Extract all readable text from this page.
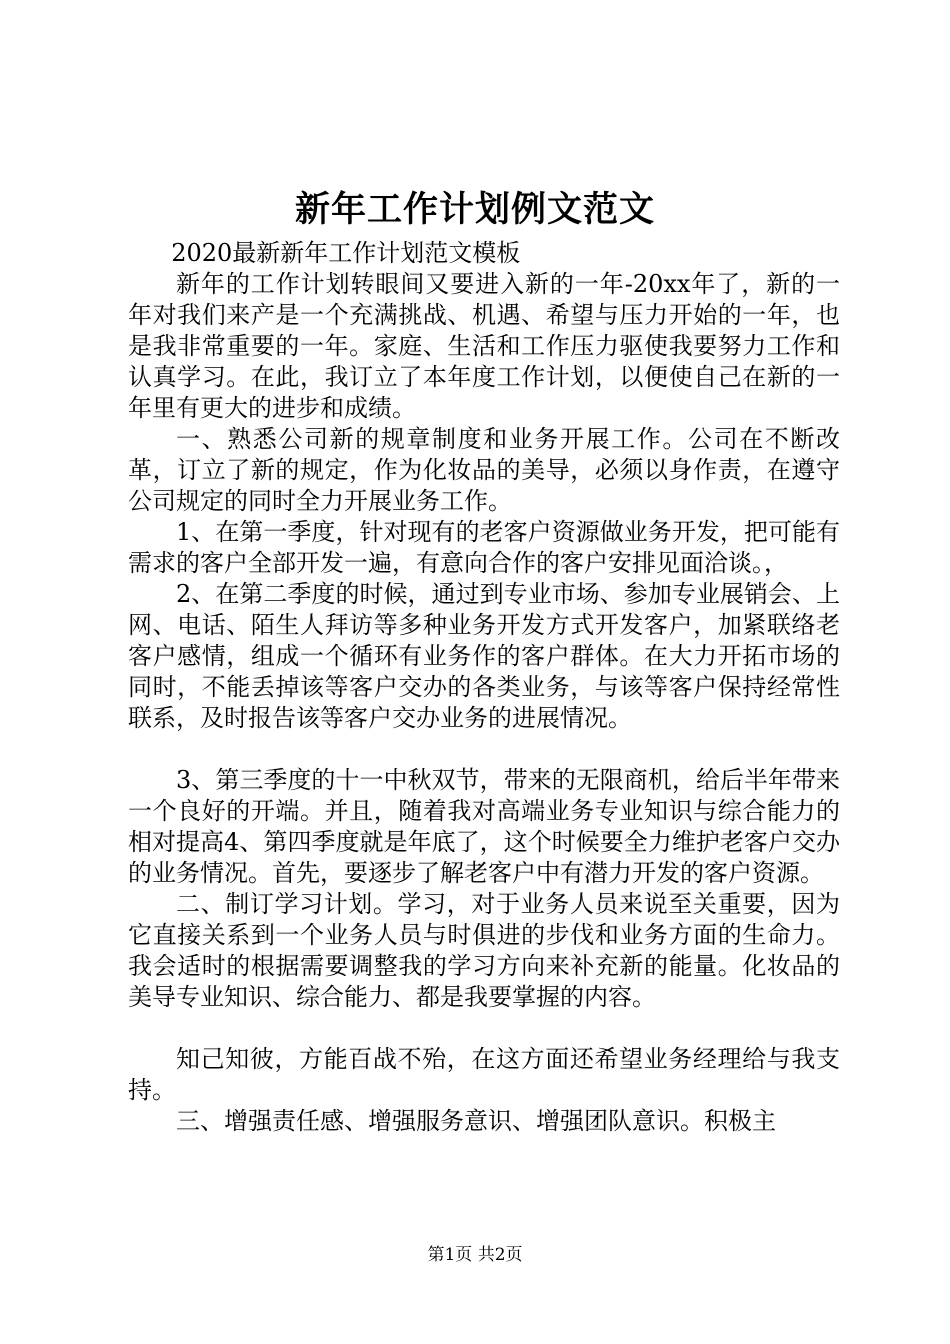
新年工作计划例文范文

2020最新新年工作计划范文模板

新年的工作计划转眼间又要进入新的一年-20xx年了，新的一年对我们来产是一个充满挑战、机遇、希望与压力开始的一年，也是我非常重要的一年。家庭、生活和工作压力驱使我要努力工作和认真学习。在此，我订立了本年度工作计划，以便使自己在新的一年里有更大的进步和成绩。

一、熟悉公司新的规章制度和业务开展工作。公司在不断改革，订立了新的规定，作为化妆品的美导，必须以身作责，在遵守公司规定的同时全力开展业务工作。

1、在第一季度，针对现有的老客户资源做业务开发，把可能有需求的客户全部开发一遍，有意向合作的客户安排见面洽谈。，

2、在第二季度的时候，通过到专业市场、参加专业展销会、上网、电话、陌生人拜访等多种业务开发方式开发客户，加紧联络老客户感情，组成一个循环有业务作的客户群体。在大力开拓市场的同时，不能丢掉该等客户交办的各类业务，与该等客户保持经常性联系，及时报告该等客户交办业务的进展情况。

3、第三季度的十一中秋双节，带来的无限商机，给后半年带来一个良好的开端。并且，随着我对高端业务专业知识与综合能力的相对提高4、第四季度就是年底了，这个时候要全力维护老客户交办的业务情况。首先，要逐步了解老客户中有潜力开发的客户资源。

二、制订学习计划。学习，对于业务人员来说至关重要，因为它直接关系到一个业务人员与时俱进的步伐和业务方面的生命力。我会适时的根据需要调整我的学习方向来补充新的能量。化妆品的美导专业知识、综合能力、都是我要掌握的内容。

知己知彼，方能百战不殆，在这方面还希望业务经理给与我支持。

三、增强责任感、增强服务意识、增强团队意识。积极主

第1页 共2页
